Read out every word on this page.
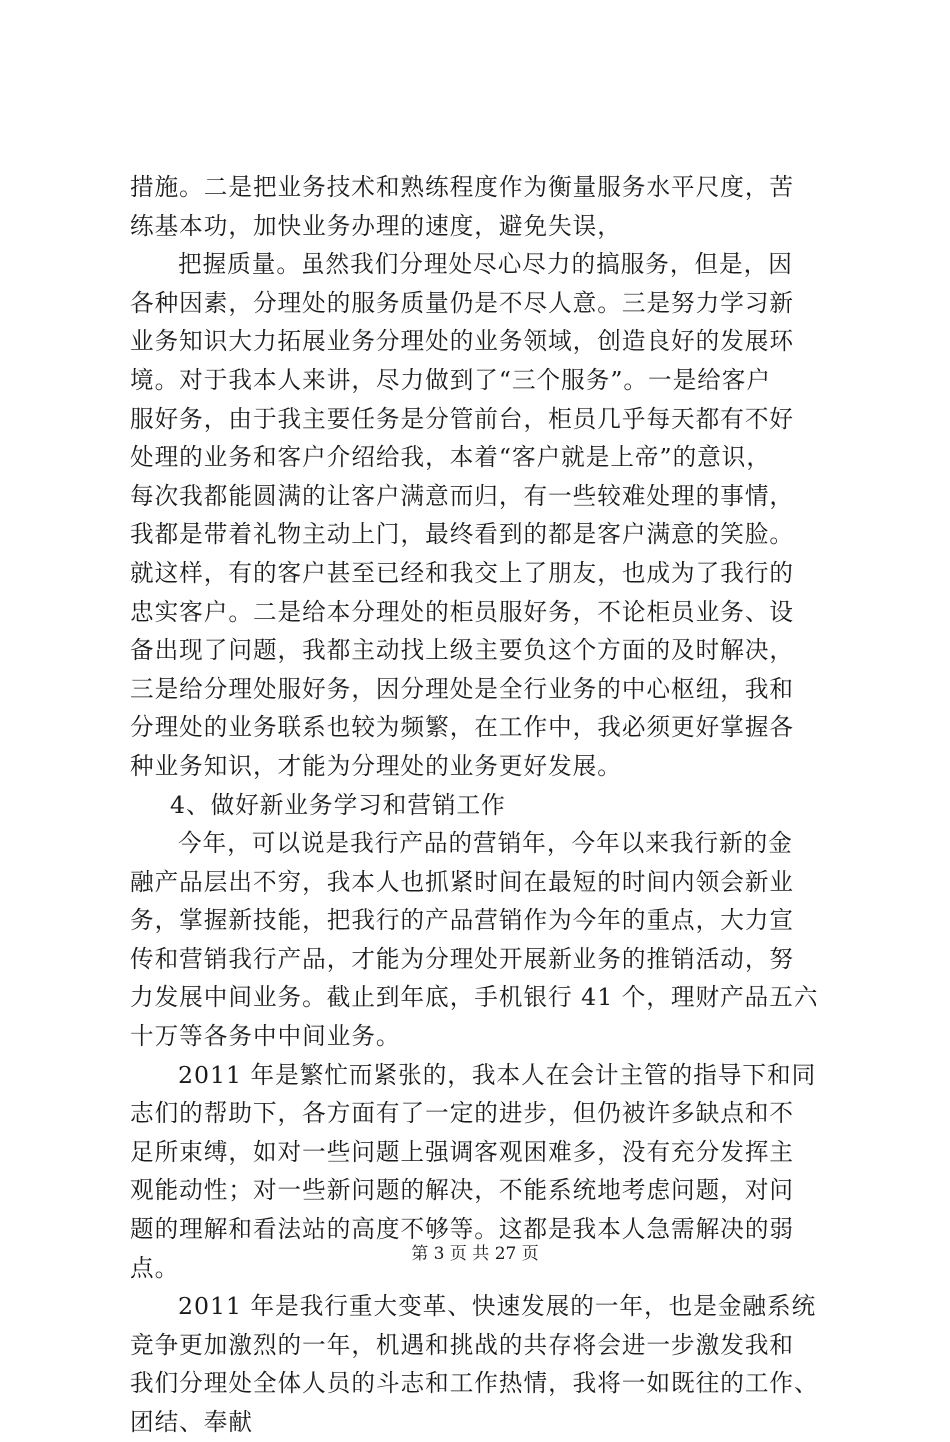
措施。二是把业务技术和熟练程度作为衡量服务水平尺度，苦
练基本功，加快业务办理的速度，避免失误，
把握质量。虽然我们分理处尽心尽力的搞服务，但是，因
各种因素，分理处的服务质量仍是不尽人意。三是努力学习新
业务知识大力拓展业务分理处的业务领域，创造良好的发展环
境。对于我本人来讲，尽力做到了“三个服务”。一是给客户
服好务，由于我主要任务是分管前台，柜员几乎每天都有不好
处理的业务和客户介绍给我，本着“客户就是上帝”的意识，
每次我都能圆满的让客户满意而归，有一些较难处理的事情，
我都是带着礼物主动上门，最终看到的都是客户满意的笑脸。
就这样，有的客户甚至已经和我交上了朋友，也成为了我行的
忠实客户。二是给本分理处的柜员服好务，不论柜员业务、设
备出现了问题，我都主动找上级主要负这个方面的及时解决，
三是给分理处服好务，因分理处是全行业务的中心枢纽，我和
分理处的业务联系也较为频繁，在工作中，我必须更好掌握各
种业务知识，才能为分理处的业务更好发展。
4、做好新业务学习和营销工作
今年，可以说是我行产品的营销年，今年以来我行新的金
融产品层出不穷，我本人也抓紧时间在最短的时间内领会新业
务，掌握新技能，把我行的产品营销作为今年的重点，大力宣
传和营销我行产品，才能为分理处开展新业务的推销活动，努
力发展中间业务。截止到年底，手机银行 41 个，理财产品五六
十万等各务中中间业务。
2011 年是繁忙而紧张的，我本人在会计主管的指导下和同
志们的帮助下，各方面有了一定的进步，但仍被许多缺点和不
足所束缚，如对一些问题上强调客观困难多，没有充分发挥主
观能动性；对一些新问题的解决，不能系统地考虑问题，对问
题的理解和看法站的高度不够等。这都是我本人急需解决的弱
点。
2011 年是我行重大变革、快速发展的一年，也是金融系统
竞争更加激烈的一年，机遇和挑战的共存将会进一步激发我和
我们分理处全体人员的斗志和工作热情，我将一如既往的工作、
团结、奉献
第 3 页 共 27 页
